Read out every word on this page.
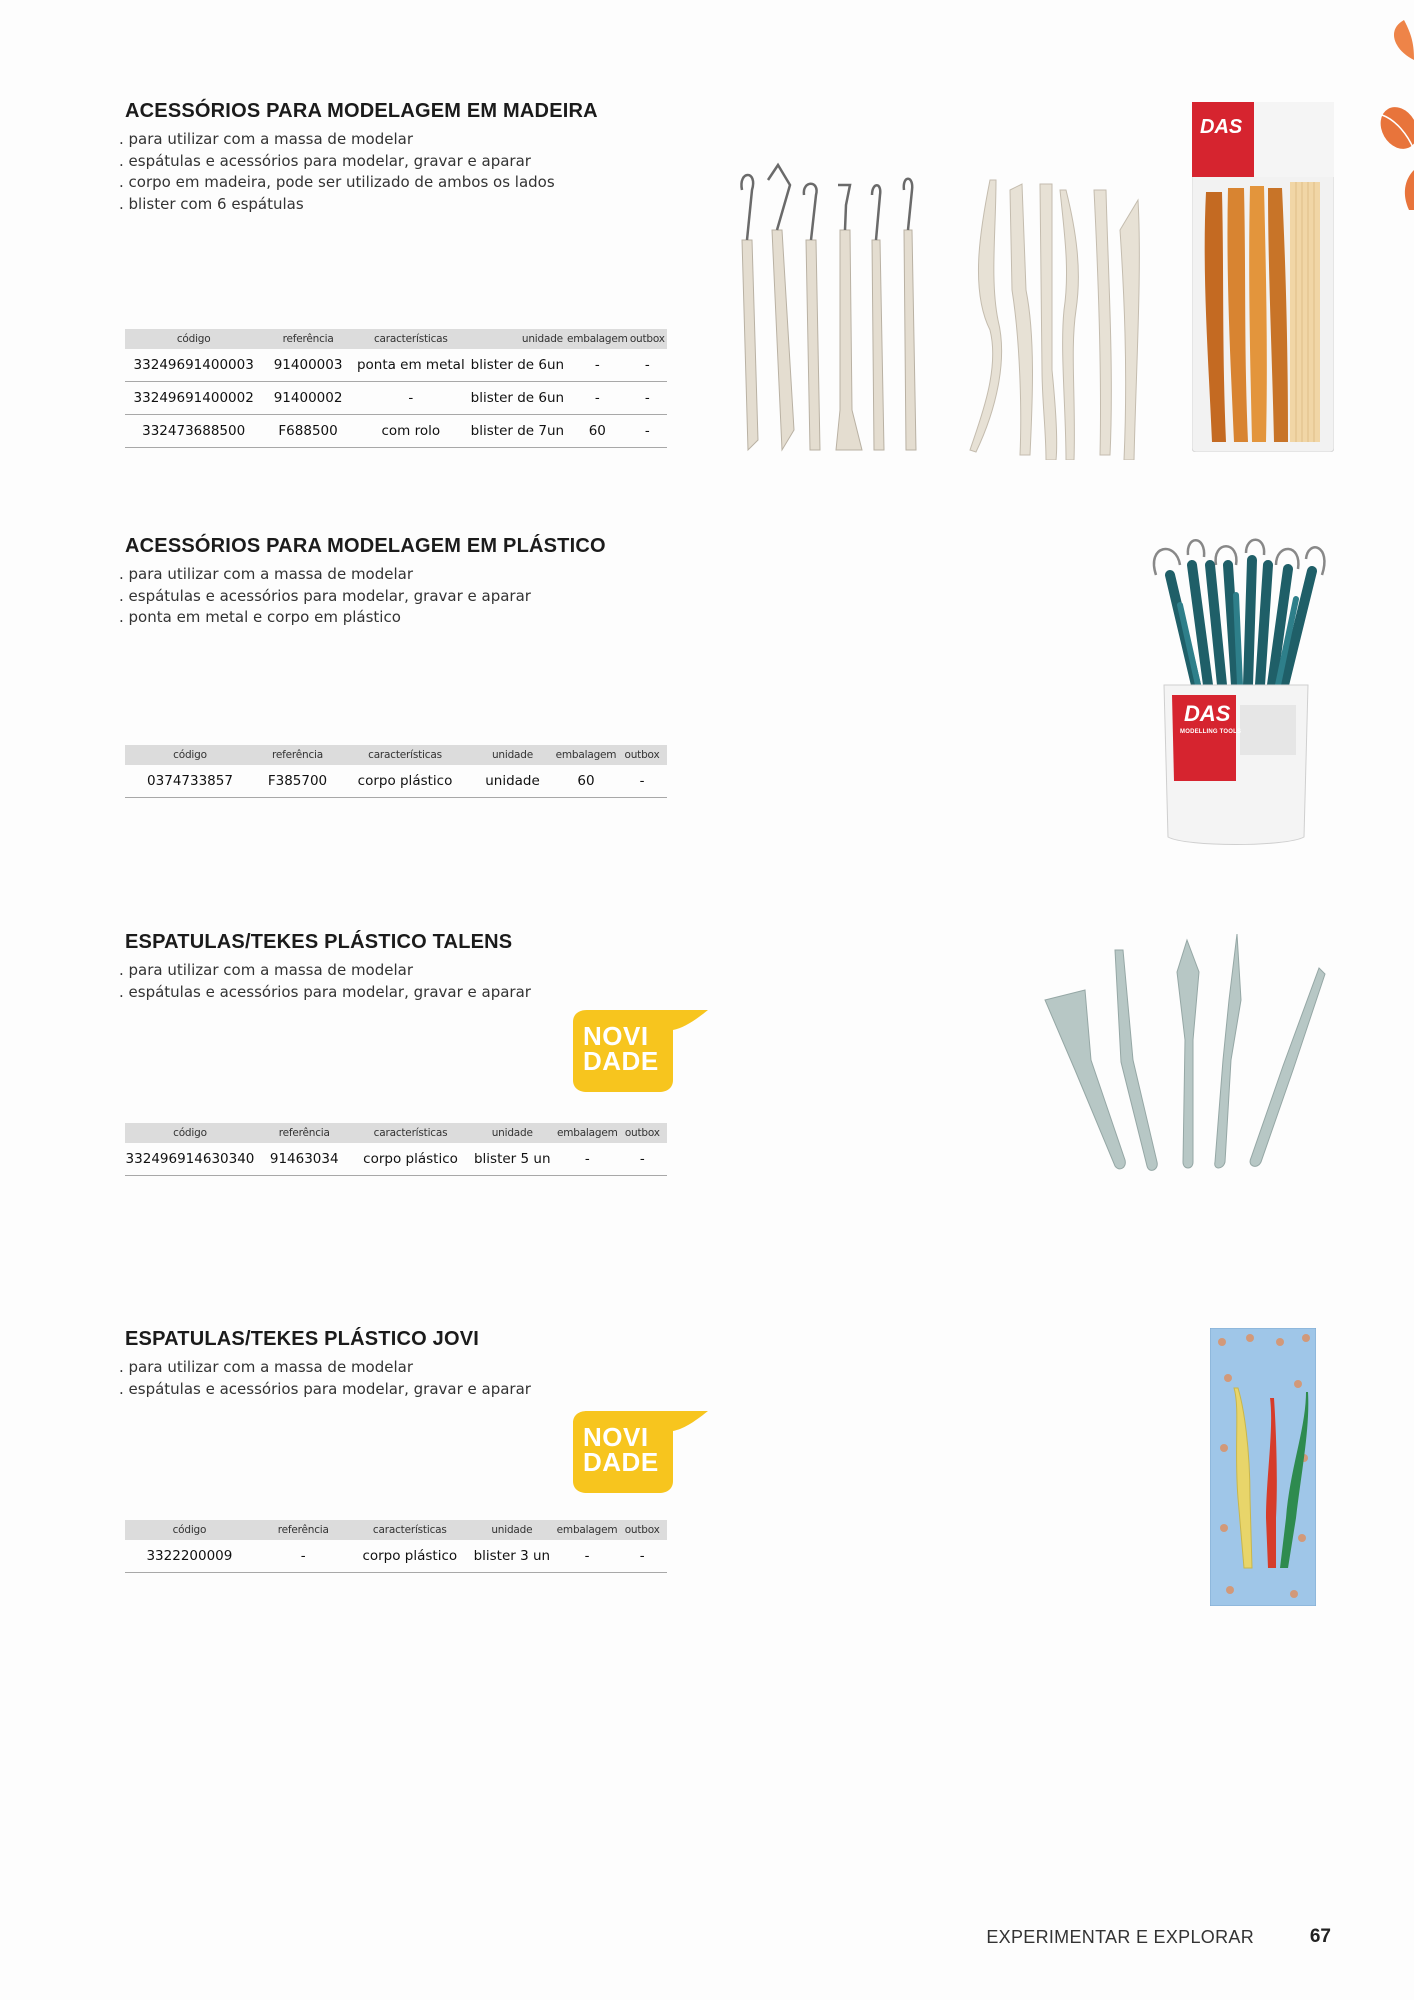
ACESSÓRIOS PARA MODELAGEM EM MADEIRA
. para utilizar com a massa de modelar
. espátulas e acessórios para modelar, gravar e aparar
. corpo em madeira, pode ser utilizado de ambos os lados
. blister com 6 espátulas
código	referência	características	unidade	embalagem	outbox
33249691400003	91400003	ponta em metal	blister de 6un	-	-
33249691400002	91400002	-	blister de 6un	-	-
332473688500	F688500	com rolo	blister de 7un	60	-
DAS
ACESSÓRIOS PARA MODELAGEM EM PLÁSTICO
. para utilizar com a massa de modelar
. espátulas e acessórios para modelar, gravar e aparar
. ponta em metal e corpo em plástico
código	referência	características	unidade	embalagem	outbox
0374733857	F385700	corpo plástico	unidade	60	-
DAS
MODELLING TOOLS
ESPATULAS/TEKES PLÁSTICO TALENS
. para utilizar com a massa de modelar
. espátulas e acessórios para modelar, gravar e aparar
código	referência	características	unidade	embalagem	outbox
332496914630340	91463034	corpo plástico	blister 5 un	-	-
NOVI
DADE
ESPATULAS/TEKES PLÁSTICO JOVI
. para utilizar com a massa de modelar
. espátulas e acessórios para modelar, gravar e aparar
código	referência	características	unidade	embalagem	outbox
3322200009	-	corpo plástico	blister 3 un	-	-
NOVI
DADE
EXPERIMENTAR E EXPLORAR	67
